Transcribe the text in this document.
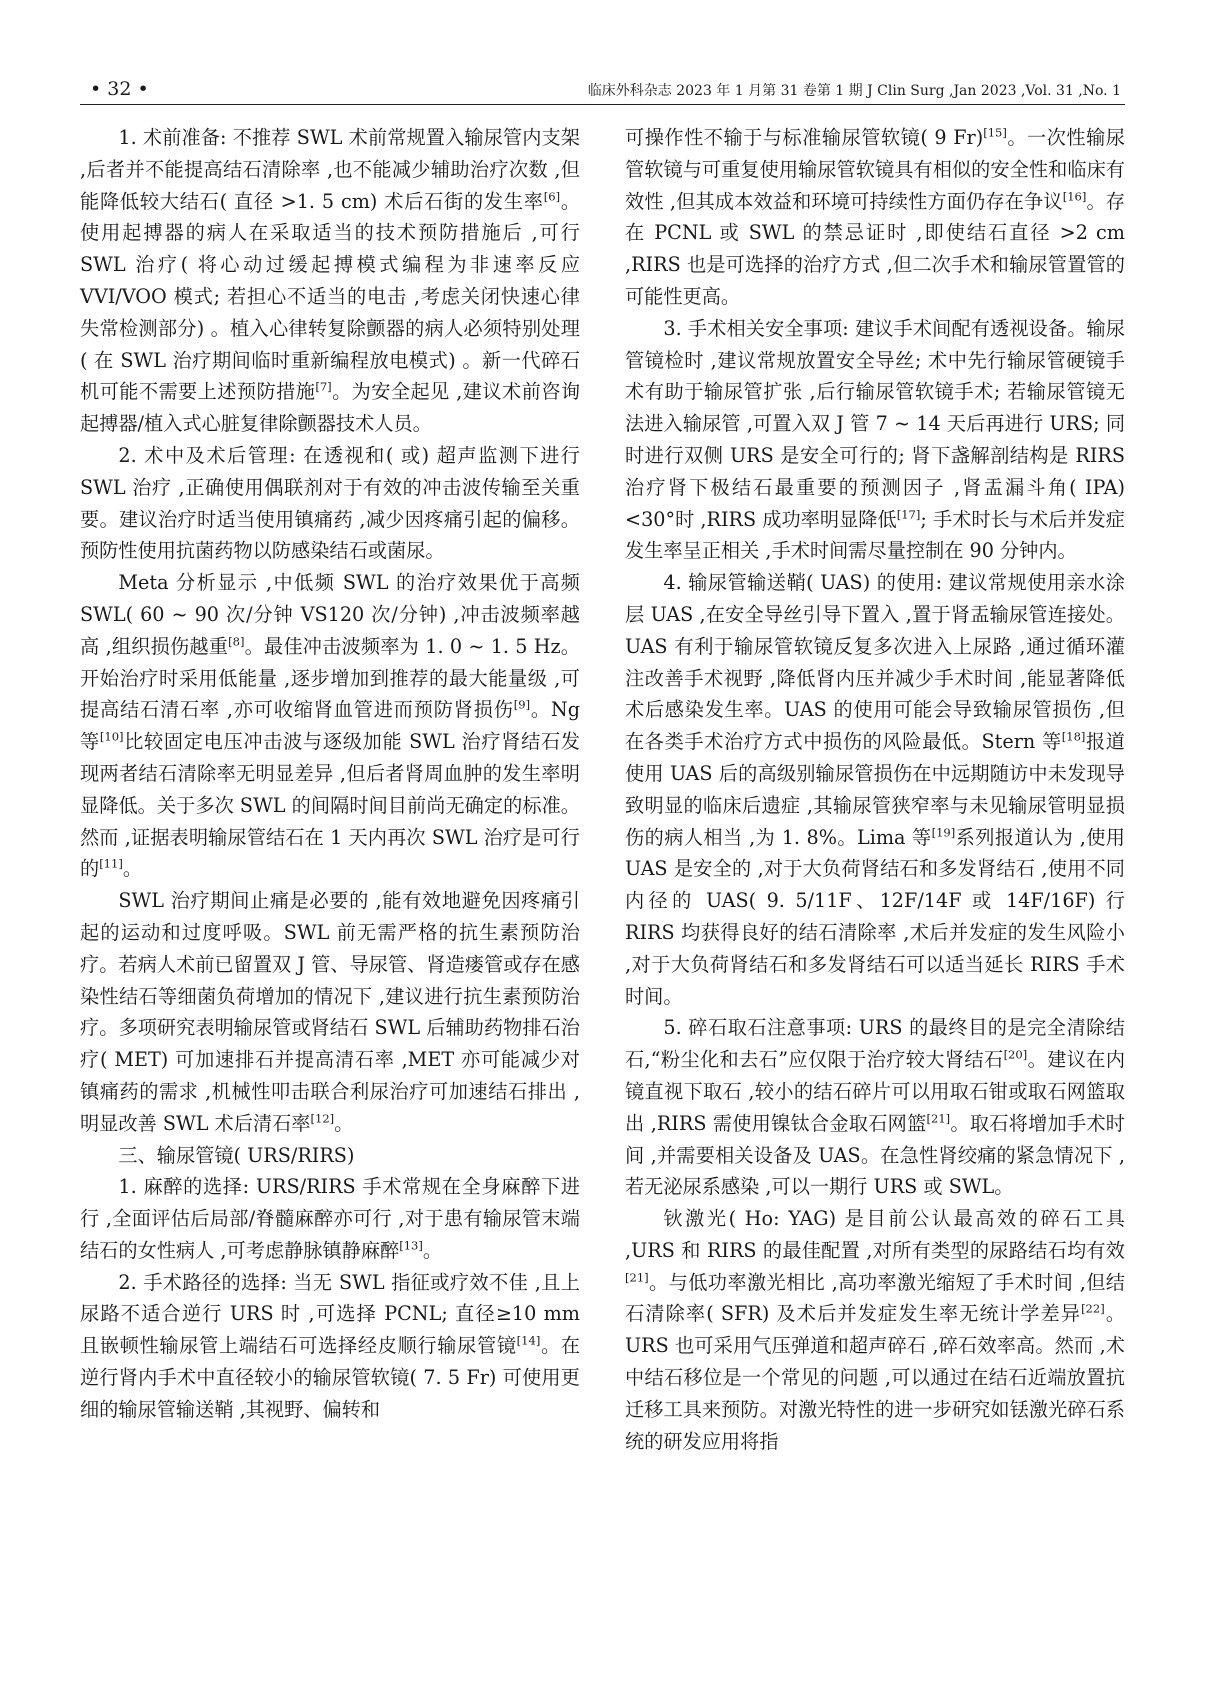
• 32 •	临床外科杂志 2023 年 1 月第 31 卷第 1 期 J Clin Surg ,Jan 2023 ,Vol. 31 ,No. 1

1. 术前准备: 不推荐 SWL 术前常规置入输尿管内支架 ,后者并不能提高结石清除率 ,也不能减少辅助治疗次数 ,但能降低较大结石( 直径 >1. 5 cm) 术后石街的发生率[6]。使用起搏器的病人在采取适当的技术预防措施后 ,可行 SWL 治疗( 将心动过缓起搏模式编程为非速率反应 VVI/VOO 模式; 若担心不适当的电击 ,考虑关闭快速心律失常检测部分) 。植入心律转复除颤器的病人必须特别处理( 在 SWL 治疗期间临时重新编程放电模式) 。新一代碎石机可能不需要上述预防措施[7]。为安全起见 ,建议术前咨询起搏器/植入式心脏复律除颤器技术人员。

2. 术中及术后管理: 在透视和( 或) 超声监测下进行 SWL 治疗 ,正确使用偶联剂对于有效的冲击波传输至关重要。建议治疗时适当使用镇痛药 ,减少因疼痛引起的偏移。预防性使用抗菌药物以防感染结石或菌尿。

Meta 分析显示 ,中低频 SWL 的治疗效果优于高频 SWL( 60 ~ 90 次/分钟 VS120 次/分钟) ,冲击波频率越高 ,组织损伤越重[8]。最佳冲击波频率为 1. 0 ~ 1. 5 Hz。开始治疗时采用低能量 ,逐步增加到推荐的最大能量级 ,可提高结石清石率 ,亦可收缩肾血管进而预防肾损伤[9]。Ng 等[10]比较固定电压冲击波与逐级加能 SWL 治疗肾结石发现两者结石清除率无明显差异 ,但后者肾周血肿的发生率明显降低。关于多次 SWL 的间隔时间目前尚无确定的标准。然而 ,证据表明输尿管结石在 1 天内再次 SWL 治疗是可行的[11]。

SWL 治疗期间止痛是必要的 ,能有效地避免因疼痛引起的运动和过度呼吸。SWL 前无需严格的抗生素预防治疗。若病人术前已留置双 J 管、导尿管、肾造瘘管或存在感染性结石等细菌负荷增加的情况下 ,建议进行抗生素预防治疗。多项研究表明输尿管或肾结石 SWL 后辅助药物排石治疗( MET) 可加速排石并提高清石率 ,MET 亦可能减少对镇痛药的需求 ,机械性叩击联合利尿治疗可加速结石排出 ,明显改善 SWL 术后清石率[12]。

三、输尿管镜( URS/RIRS)

1. 麻醉的选择: URS/RIRS 手术常规在全身麻醉下进行 ,全面评估后局部/脊髓麻醉亦可行 ,对于患有输尿管末端结石的女性病人 ,可考虑静脉镇静麻醉[13]。

2. 手术路径的选择: 当无 SWL 指征或疗效不佳 ,且上尿路不适合逆行 URS 时 ,可选择 PCNL; 直径≥10 mm 且嵌顿性输尿管上端结石可选择经皮顺行输尿管镜[14]。在逆行肾内手术中直径较小的输尿管软镜( 7. 5 Fr) 可使用更细的输尿管输送鞘 ,其视野、偏转和

可操作性不输于与标准输尿管软镜( 9 Fr)[15]。一次性输尿管软镜与可重复使用输尿管软镜具有相似的安全性和临床有效性 ,但其成本效益和环境可持续性方面仍存在争议[16]。存在 PCNL 或 SWL 的禁忌证时 ,即使结石直径 >2 cm ,RIRS 也是可选择的治疗方式 ,但二次手术和输尿管置管的可能性更高。

3. 手术相关安全事项: 建议手术间配有透视设备。输尿管镜检时 ,建议常规放置安全导丝; 术中先行输尿管硬镜手术有助于输尿管扩张 ,后行输尿管软镜手术; 若输尿管镜无法进入输尿管 ,可置入双 J 管 7 ~ 14 天后再进行 URS; 同时进行双侧 URS 是安全可行的; 肾下盏解剖结构是 RIRS 治疗肾下极结石最重要的预测因子 ,肾盂漏斗角( IPA) <30°时 ,RIRS 成功率明显降低[17]; 手术时长与术后并发症发生率呈正相关 ,手术时间需尽量控制在 90 分钟内。

4. 输尿管输送鞘( UAS) 的使用: 建议常规使用亲水涂层 UAS ,在安全导丝引导下置入 ,置于肾盂输尿管连接处。UAS 有利于输尿管软镜反复多次进入上尿路 ,通过循环灌注改善手术视野 ,降低肾内压并减少手术时间 ,能显著降低术后感染发生率。UAS 的使用可能会导致输尿管损伤 ,但在各类手术治疗方式中损伤的风险最低。Stern 等[18]报道使用 UAS 后的高级别输尿管损伤在中远期随访中未发现导致明显的临床后遗症 ,其输尿管狭窄率与未见输尿管明显损伤的病人相当 ,为 1. 8%。Lima 等[19]系列报道认为 ,使用 UAS 是安全的 ,对于大负荷肾结石和多发肾结石 ,使用不同内径的 UAS( 9. 5/11F、12F/14F 或 14F/16F) 行 RIRS 均获得良好的结石清除率 ,术后并发症的发生风险小 ,对于大负荷肾结石和多发肾结石可以适当延长 RIRS 手术时间。

5. 碎石取石注意事项: URS 的最终目的是完全清除结石,“粉尘化和去石”应仅限于治疗较大肾结石[20]。建议在内镜直视下取石 ,较小的结石碎片可以用取石钳或取石网篮取出 ,RIRS 需使用镍钛合金取石网篮[21]。取石将增加手术时间 ,并需要相关设备及 UAS。在急性肾绞痛的紧急情况下 ,若无泌尿系感染 ,可以一期行 URS 或 SWL。

钬激光( Ho: YAG) 是目前公认最高效的碎石工具 ,URS 和 RIRS 的最佳配置 ,对所有类型的尿路结石均有效[21]。与低功率激光相比 ,高功率激光缩短了手术时间 ,但结石清除率( SFR) 及术后并发症发生率无统计学差异[22]。URS 也可采用气压弹道和超声碎石 ,碎石效率高。然而 ,术中结石移位是一个常见的问题 ,可以通过在结石近端放置抗迁移工具来预防。对激光特性的进一步研究如铥激光碎石系统的研发应用将指
